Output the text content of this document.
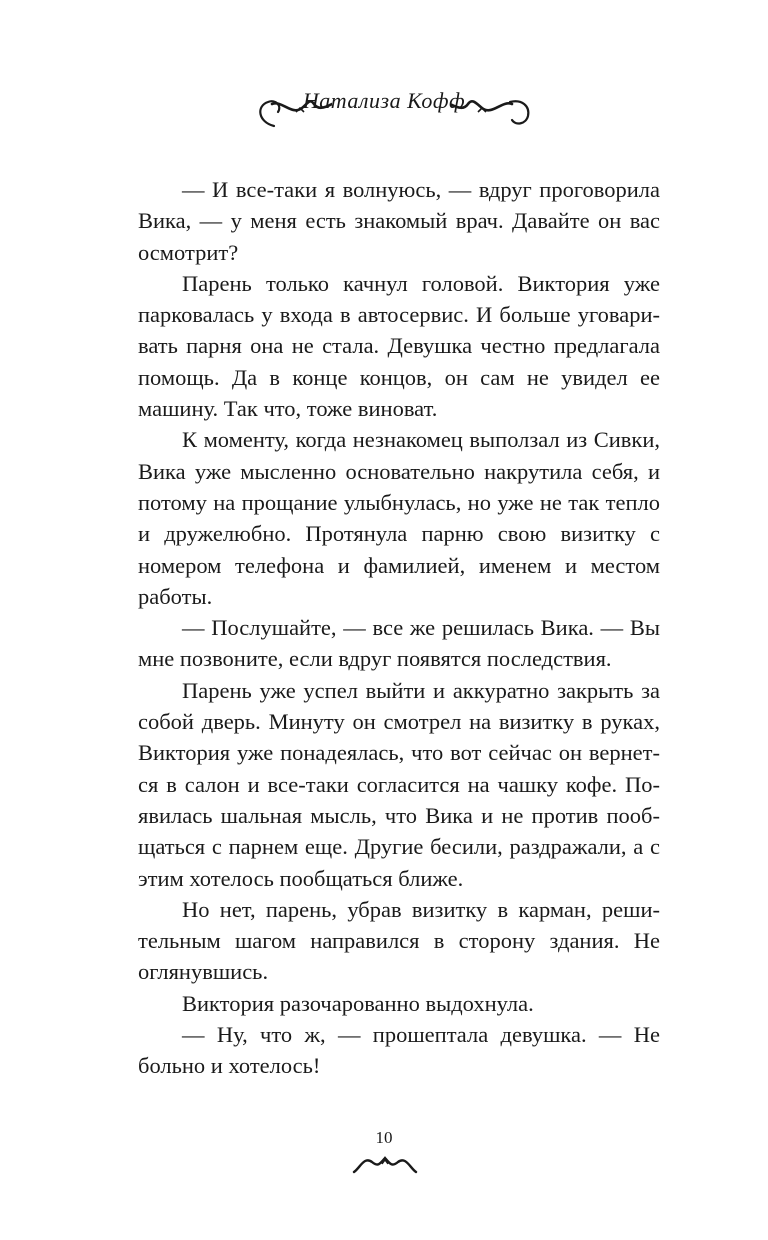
Натализа Кофф

— И все-таки я волнуюсь, — вдруг проговорила Вика, — у меня есть знакомый врач. Давайте он вас осмотрит?

Парень только качнул головой. Виктория уже парковалась у входа в автосервис. И больше уговаривать парня она не стала. Девушка честно предлагала помощь. Да в конце концов, он сам не увидел ее машину. Так что, тоже виноват.

К моменту, когда незнакомец выползал из Сивки, Вика уже мысленно основательно накрутила себя, и потому на прощание улыбнулась, но уже не так тепло и дружелюбно. Протянула парню свою визитку с номером телефона и фамилией, именем и местом работы.

— Послушайте, — все же решилась Вика. — Вы мне позвоните, если вдруг появятся последствия.

Парень уже успел выйти и аккуратно закрыть за собой дверь. Минуту он смотрел на визитку в руках, Виктория уже понадеялась, что вот сейчас он вернется в салон и все-таки согласится на чашку кофе. Появилась шальная мысль, что Вика и не против пообщаться с парнем еще. Другие бесили, раздражали, а с этим хотелось пообщаться ближе.

Но нет, парень, убрав визитку в карман, решительным шагом направился в сторону здания. Не оглянувшись.

Виктория разочарованно выдохнула.

— Ну, что ж, — прошептала девушка. — Не больно и хотелось!

10
